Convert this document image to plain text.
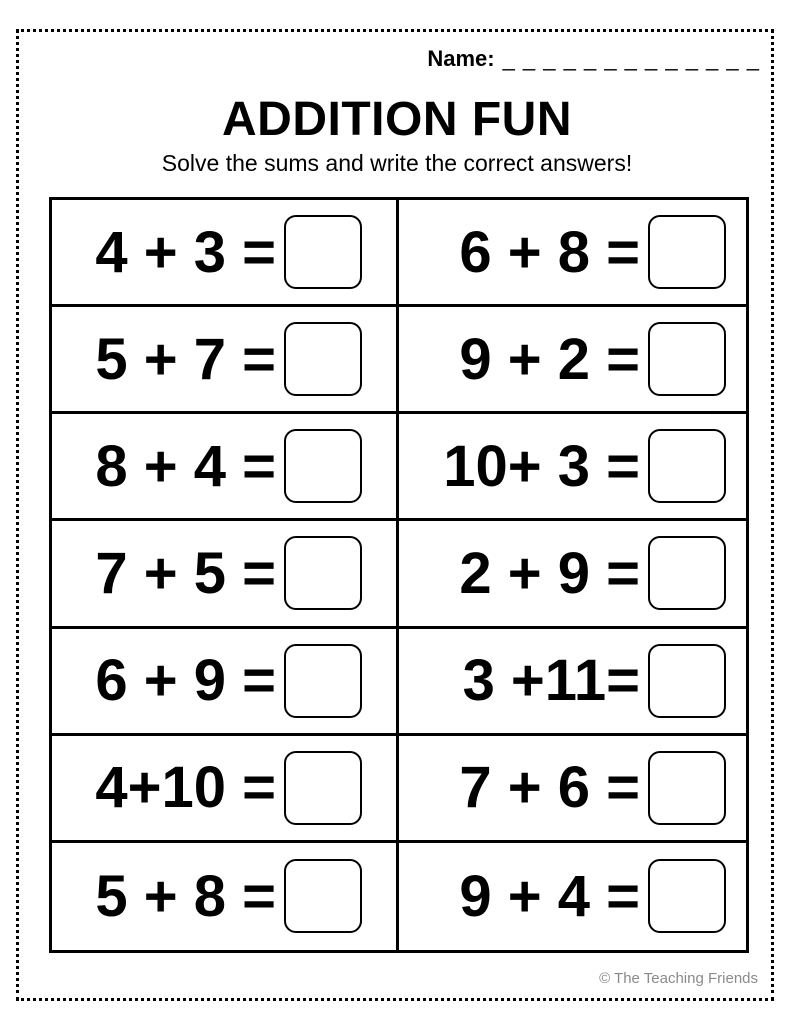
Name: _ _ _ _ _ _ _ _ _ _ _ _ _
ADDITION FUN
Solve the sums and write the correct answers!
4 + 3 =	6 + 8 =
5 + 7 =	9 + 2 =
8 + 4 =	10+ 3 =
7 + 5 =	2 + 9 =
6 + 9 =	3 +11=
4+10 =	7 + 6 =
5 + 8 =	9 + 4 =
© The Teaching Friends
